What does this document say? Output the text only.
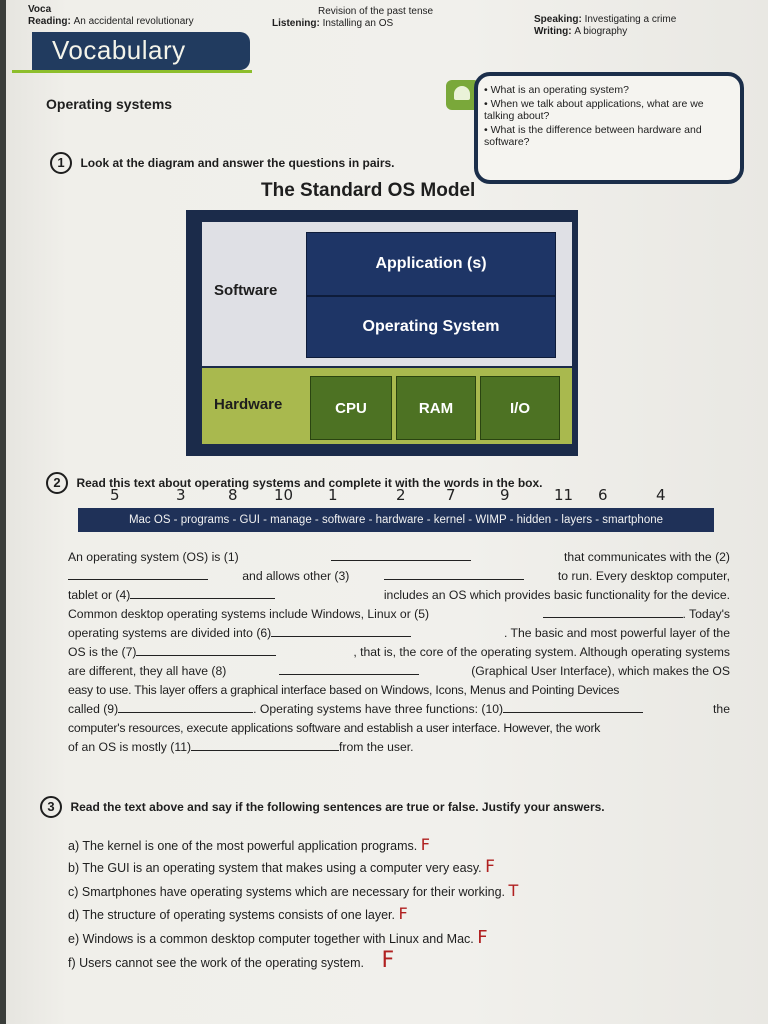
Voca
Reading: An accidental revolutionary
Revision of the past tense
Listening: Installing an OS	Speaking: Investigating a crime
Writing: A biography
Vocabulary
Operating systems
• What is an operating system?
• When we talk about applications, what are we talking about?
• What is the difference between hardware and software?
1 Look at the diagram and answer the questions in pairs.
The Standard OS Model
Software
Application (s)
Operating System
Hardware	CPU	RAM	I/O
2 Read this text about operating systems and complete it with the words in the box.
5	3	8 10 1	2	7	9	11 6	4
Mac OS - programs - GUI - manage - software - hardware - kernel - WIMP - hidden - layers - smartphone
An operating system (OS) is (1)	that communicates with the (2)
and allows other (3)	to run. Every desktop computer,
tablet or (4)	includes an OS which provides basic functionality for the device.
Common desktop operating systems include Windows, Linux or (5)	. Today's
operating systems are divided into (6)	. The basic and most powerful layer of the
OS is the (7)	, that is, the core of the operating system. Although operating systems
are different, they all have (8)	(Graphical User Interface), which makes the OS
easy to use. This layer offers a graphical interface based on Windows, Icons, Menus and Pointing Devices
called (9)	. Operating systems have three functions: (10)	the
computer's resources, execute applications software and establish a user interface. However, the work
of an OS is mostly (11)	from the user.
3 Read the text above and say if the following sentences are true or false. Justify your answers.
a) The kernel is one of the most powerful application programs. F
b) The GUI is an operating system that makes using a computer very easy. F
c) Smartphones have operating systems which are necessary for their working. T
d) The structure of operating systems consists of one layer. F
e) Windows is a common desktop computer together with Linux and Mac. F
f) Users cannot see the work of the operating system. F
